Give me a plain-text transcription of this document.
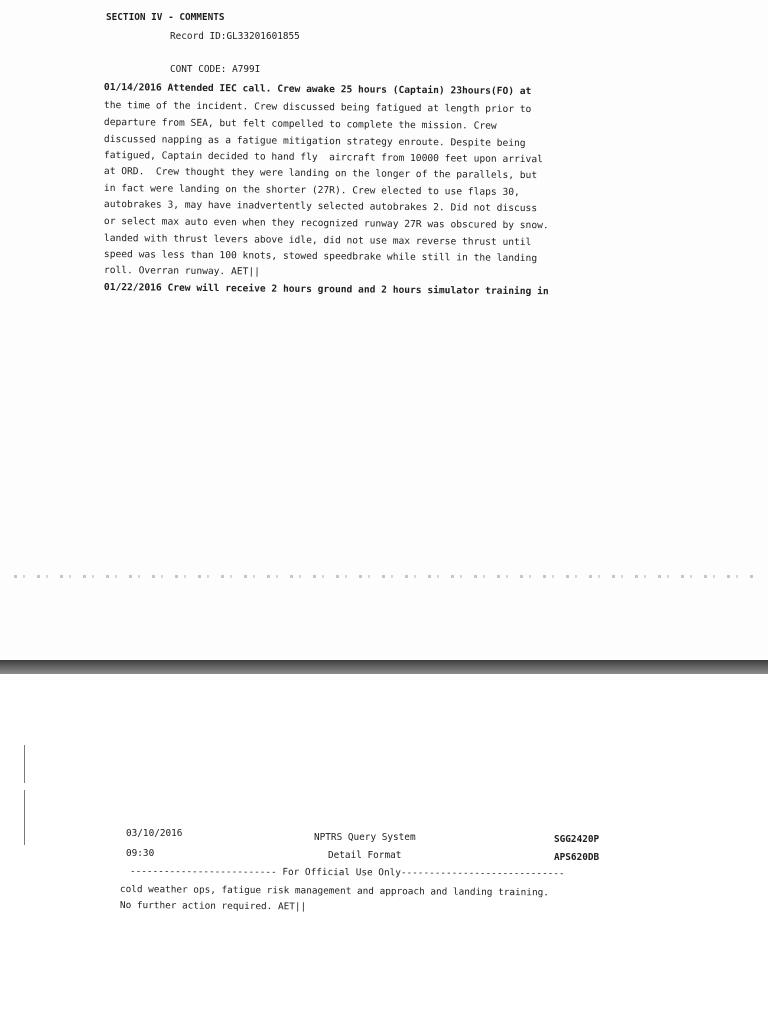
SECTION IV - COMMENTS
Record ID:GL33201601855
CONT CODE: A799I
01/14/2016 Attended IEC call. Crew awake 25 hours (Captain) 23hours(FO) at
the time of the incident. Crew discussed being fatigued at length prior to
departure from SEA, but felt compelled to complete the mission. Crew
discussed napping as a fatigue mitigation strategy enroute. Despite being
fatigued, Captain decided to hand fly  aircraft from 10000 feet upon arrival
at ORD.  Crew thought they were landing on the longer of the parallels, but
in fact were landing on the shorter (27R). Crew elected to use flaps 30,
autobrakes 3, may have inadvertently selected autobrakes 2. Did not discuss
or select max auto even when they recognized runway 27R was obscured by snow.
landed with thrust levers above idle, did not use max reverse thrust until
speed was less than 100 knots, stowed speedbrake while still in the landing
roll. Overran runway. AET||
01/22/2016 Crew will receive 2 hours ground and 2 hours simulator training in
03/10/2016
09:30
NPTRS Query System
Detail Format
SGG2420P
APS620DB
-------------------------- For Official Use Only-----------------------------
cold weather ops, fatigue risk management and approach and landing training.
No further action required. AET||
